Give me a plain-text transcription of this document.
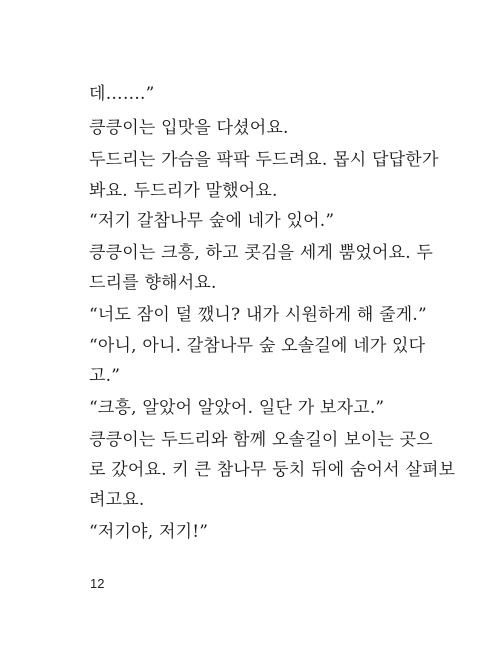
데…….”
킁킁이는 입맛을 다셨어요.
두드리는 가슴을 팍팍 두드려요. 몹시 답답한가
봐요. 두드리가 말했어요.
“저기 갈참나무 숲에 네가 있어.”
킁킁이는 크흥, 하고 콧김을 세게 뿜었어요. 두
드리를 향해서요.
“너도 잠이 덜 깼니? 내가 시원하게 해 줄게.”
“아니, 아니. 갈참나무 숲 오솔길에 네가 있다
고.”
“크흥, 알았어 알았어. 일단 가 보자고.”
킁킁이는 두드리와 함께 오솔길이 보이는 곳으
로 갔어요. 키 큰 참나무 둥치 뒤에 숨어서 살펴보
려고요.
“저기야, 저기!”
12
